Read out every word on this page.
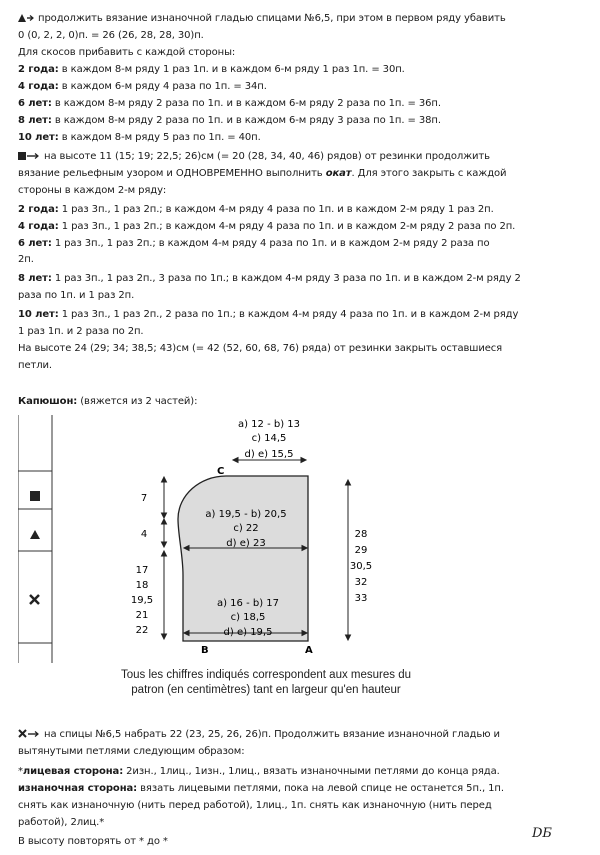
продолжить вязание изнаночной гладью спицами №6,5, при этом в первом ряду убавить
0 (0, 2, 2, 0)п. = 26 (26, 28, 28, 30)п.
Для скосов прибавить с каждой стороны:
2 года: в каждом 8-м ряду 1 раз 1п. и в каждом 6-м ряду 1 раз 1п. = 30п.
4 года: в каждом 6-м ряду 4 раза по 1п. = 34п.
6 лет: в каждом 8-м ряду 2 раза по 1п. и в каждом 6-м ряду 2 раза по 1п. = 36п.
8 лет: в каждом 8-м ряду 2 раза по 1п. и в каждом 6-м ряду 3 раза по 1п. = 38п.
10 лет: в каждом 8-м ряду 5 раз по 1п. = 40п.
на высоте 11 (15; 19; 22,5; 26)см (= 20 (28, 34, 40, 46) рядов) от резинки продолжить
вязание рельефным узором и ОДНОВРЕМЕННО выполнить окат. Для этого закрыть с каждой
стороны в каждом 2-м ряду:
2 года: 1 раз 3п., 1 раз 2п.; в каждом 4-м ряду 4 раза по 1п. и в каждом 2-м ряду 1 раз 2п.
4 года: 1 раз 3п., 1 раз 2п.; в каждом 4-м ряду 4 раза по 1п. и в каждом 2-м ряду 2 раза по 2п.
6 лет: 1 раз 3п., 1 раз 2п.; в каждом 4-м ряду 4 раза по 1п. и в каждом 2-м ряду 2 раза по
2п.
8 лет: 1 раз 3п., 1 раз 2п., 3 раза по 1п.; в каждом 4-м ряду 3 раза по 1п. и в каждом 2-м ряду 2
раза по 1п. и 1 раз 2п.
10 лет: 1 раз 3п., 1 раз 2п., 2 раза по 1п.; в каждом 4-м ряду 4 раза по 1п. и в каждом 2-м ряду
1 раз 1п. и 2 раза по 2п.
На высоте 24 (29; 34; 38,5; 43)см (= 42 (52, 60, 68, 76) ряда) от резинки закрыть оставшиеся
петли.
Капюшон: (вяжется из 2 частей):
a) 12 - b) 13
c) 14,5
d) e) 15,5
a) 19,5 - b) 20,5
c) 22
d) e) 23
a) 16 - b) 17
c) 18,5
d) e) 19,5
7
4
17
18
19,5
21
22
28
29
30,5
32
33
C
B	A
Tous les chiffres indiqués correspondent aux mesures du
patron (en centimètres) tant en largeur qu'en hauteur
на спицы №6,5 набрать 22 (23, 25, 26, 26)п. Продолжить вязание изнаночной гладью и
вытянутыми петлями следующим образом:
*лицевая сторона: 2изн., 1лиц., 1изн., 1лиц., вязать изнаночными петлями до конца ряда.
изнаночная сторона: вязать лицевыми петлями, пока на левой спице не останется 5п., 1п.
снять как изнаночную (нить перед работой), 1лиц., 1п. снять как изнаночную (нить перед
работой), 2лиц.*
В высоту повторять от * до *
DБ
